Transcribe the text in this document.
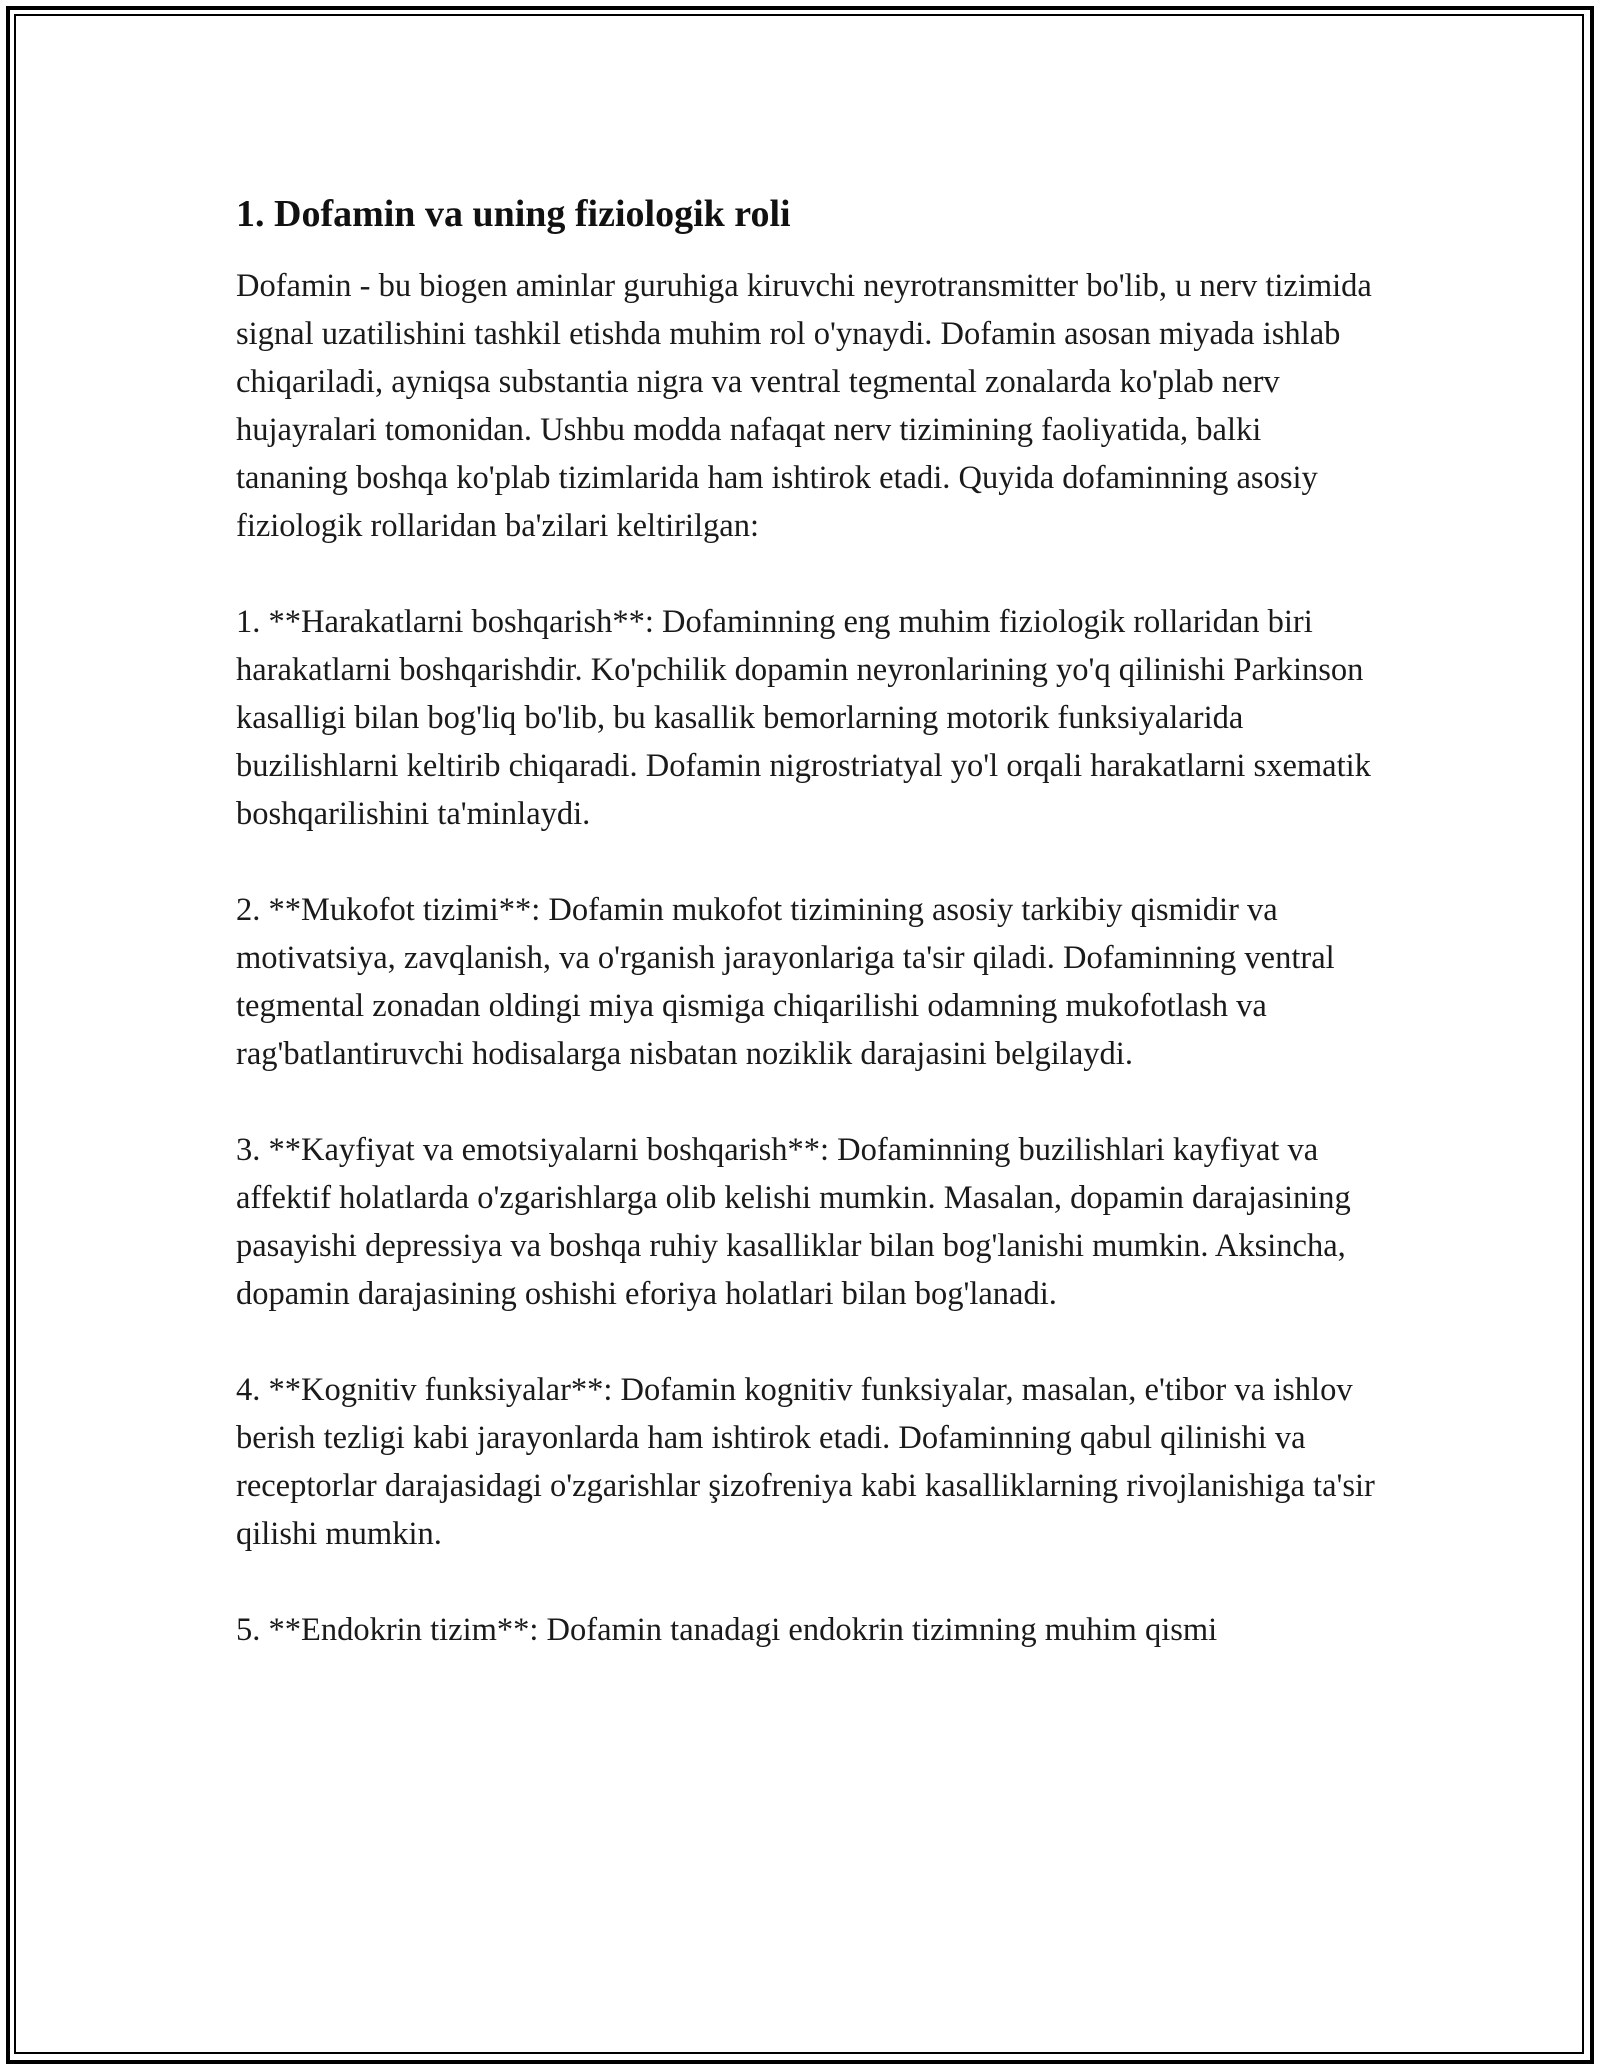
1. Dofamin va uning fiziologik roli

Dofamin - bu biogen aminlar guruhiga kiruvchi neyrotransmitter bo'lib, u nerv tizimida signal uzatilishini tashkil etishda muhim rol o'ynaydi. Dofamin asosan miyada ishlab chiqariladi, ayniqsa substantia nigra va ventral tegmental zonalarda ko'plab nerv hujayralari tomonidan. Ushbu modda nafaqat nerv tizimining faoliyatida, balki tananing boshqa ko'plab tizimlarida ham ishtirok etadi. Quyida dofaminning asosiy fiziologik rollaridan ba'zilari keltirilgan:

1. **Harakatlarni boshqarish**: Dofaminning eng muhim fiziologik rollaridan biri harakatlarni boshqarishdir. Ko'pchilik dopamin neyronlarining yo'q qilinishi Parkinson kasalligi bilan bog'liq bo'lib, bu kasallik bemorlarning motorik funksiyalarida buzilishlarni keltirib chiqaradi. Dofamin nigrostriatyal yo'l orqali harakatlarni sxematik boshqarilishini ta'minlaydi.

2. **Mukofot tizimi**: Dofamin mukofot tizimining asosiy tarkibiy qismidir va motivatsiya, zavqlanish, va o'rganish jarayonlariga ta'sir qiladi. Dofaminning ventral tegmental zonadan oldingi miya qismiga chiqarilishi odamning mukofotlash va rag'batlantiruvchi hodisalarga nisbatan noziklik darajasini belgilaydi.

3. **Kayfiyat va emotsiyalarni boshqarish**: Dofaminning buzilishlari kayfiyat va affektif holatlarda o'zgarishlarga olib kelishi mumkin. Masalan, dopamin darajasining pasayishi depressiya va boshqa ruhiy kasalliklar bilan bog'lanishi mumkin. Aksincha, dopamin darajasining oshishi eforiya holatlari bilan bog'lanadi.

4. **Kognitiv funksiyalar**: Dofamin kognitiv funksiyalar, masalan, e'tibor va ishlov berish tezligi kabi jarayonlarda ham ishtirok etadi. Dofaminning qabul qilinishi va receptorlar darajasidagi o'zgarishlar şizofreniya kabi kasalliklarning rivojlanishiga ta'sir qilishi mumkin.

5. **Endokrin tizim**: Dofamin tanadagi endokrin tizimning muhim qismi
